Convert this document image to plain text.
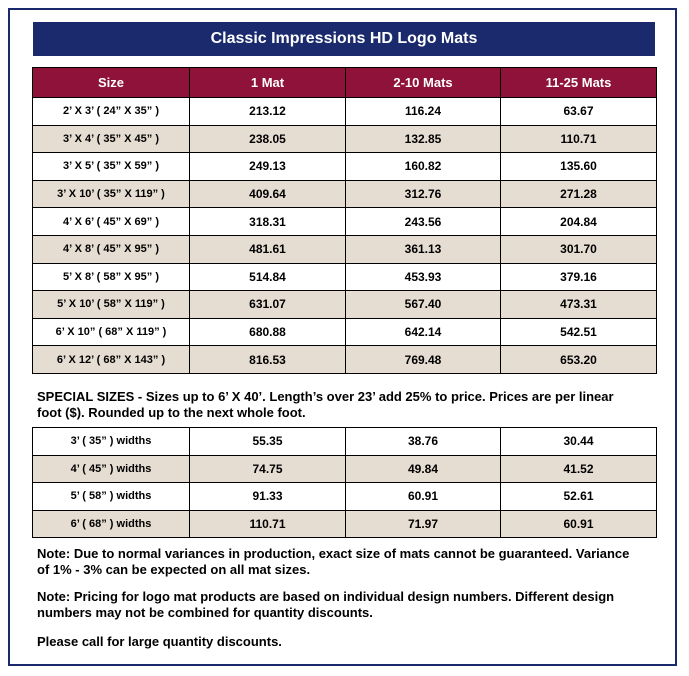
Classic Impressions HD Logo Mats
Size	1 Mat	2-10 Mats	11-25 Mats
2’ X 3’ ( 24” X 35” )	213.12	116.24	63.67
3’ X 4’ ( 35” X 45” )	238.05	132.85	110.71
3’ X 5’ ( 35” X 59” )	249.13	160.82	135.60
3’ X 10’ ( 35” X 119” )	409.64	312.76	271.28
4’ X 6’ ( 45” X 69” )	318.31	243.56	204.84
4’ X 8’ ( 45” X 95” )	481.61	361.13	301.70
5’ X 8’ ( 58” X 95” )	514.84	453.93	379.16
5’ X 10’ ( 58” X 119” )	631.07	567.40	473.31
6’ X 10” ( 68” X 119” )	680.88	642.14	542.51
6’ X 12’ ( 68” X 143” )	816.53	769.48	653.20

SPECIAL SIZES - Sizes up to 6’ X 40’. Length’s over 23’ add 25% to price. Prices are per linear foot ($). Rounded up to the next whole foot.

3’ ( 35” ) widths	55.35	38.76	30.44
4’ ( 45” ) widths	74.75	49.84	41.52
5’ ( 58” ) widths	91.33	60.91	52.61
6’ ( 68” ) widths	110.71	71.97	60.91

Note: Due to normal variances in production, exact size of mats cannot be guaranteed. Variance of 1% - 3% can be expected on all mat sizes.

Note: Pricing for logo mat products are based on individual design numbers. Different design numbers may not be combined for quantity discounts.

Please call for large quantity discounts.
